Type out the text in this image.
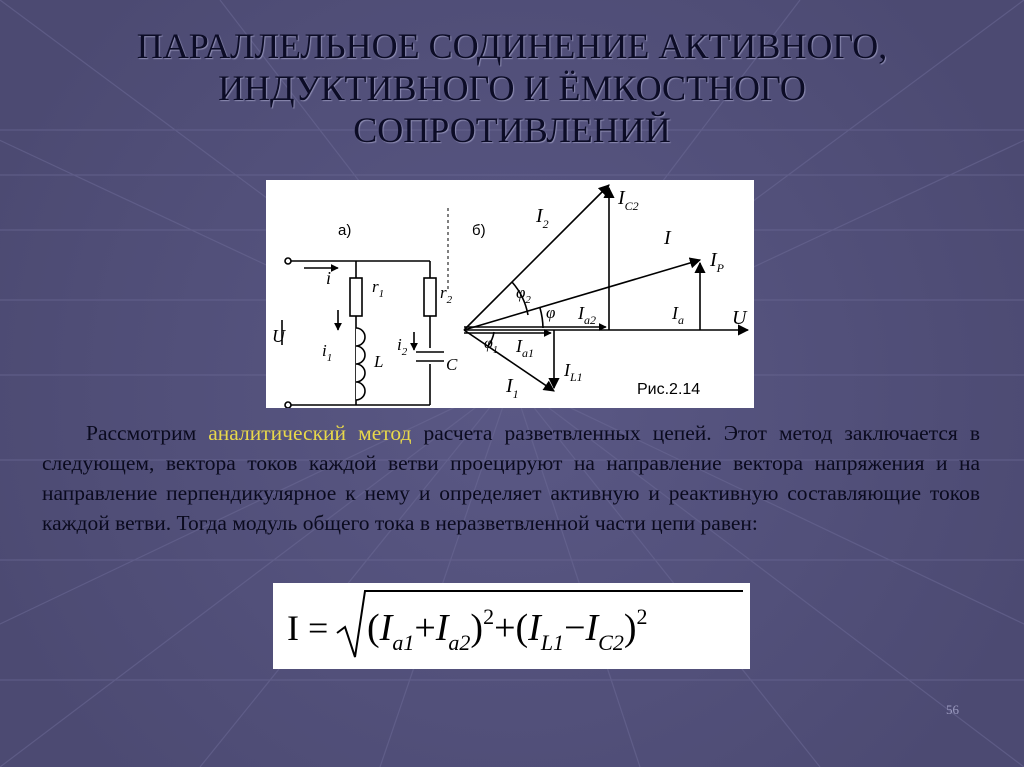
ПАРАЛЛЕЛЬНОЕ СОДИНЕНИЕ АКТИВНОГО,
ИНДУКТИВНОГО И ЁМКОСТНОГО
СОПРОТИВЛЕНИЙ
а)
i
U
$i_1$
$i_2$
$r_1$
L
$r_2$
C
б)
$I_2$
$I_{C2}$
I
$I_P$
$\varphi_2$
φ $I_{a2}$	$I_a$ U
$\varphi_1$ $I_{a1}$
$I_{L1}$
$I_1$	Рис.2.14

Рассмотрим аналитический метод расчета разветвленных цепей. Этот метод заключается в следующем, вектора токов каждой ветви проецируют на направление вектора напряжения и на направление перпендикулярное к нему и определяет активную и реактивную составляющие токов каждой ветви. Тогда модуль общего тока в неразветвленной части цепи равен:

$I = (I_{a1}+I_{a2})^2+(I_{L1}-I_{C2})^2$
56
